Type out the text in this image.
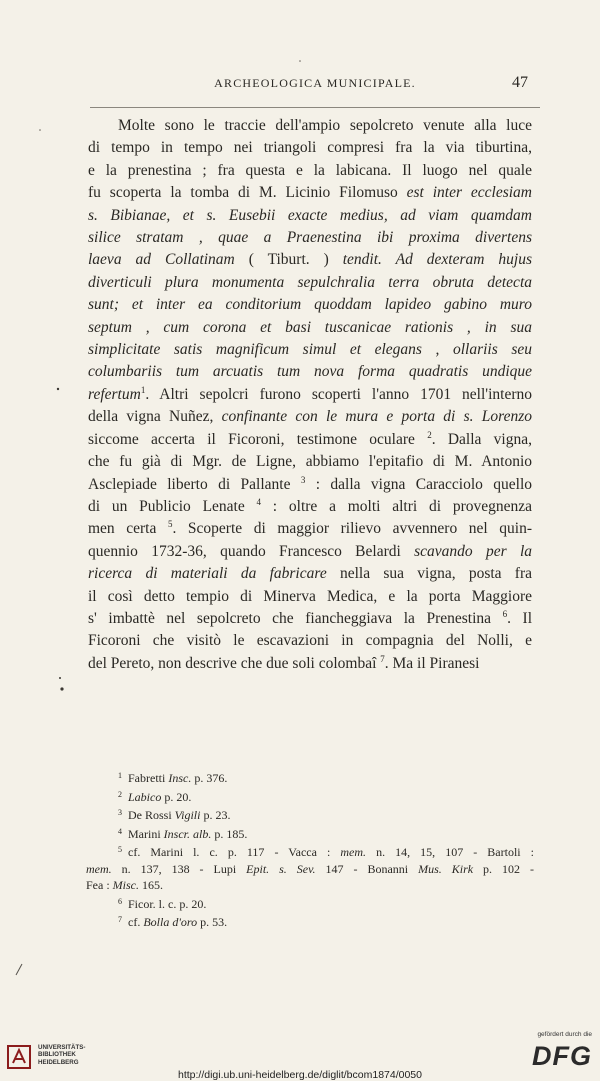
ARCHEOLOGICA MUNICIPALE.	47
Molte sono le traccie dell'ampio sepolcreto venute alla luce
di tempo in tempo nei triangoli compresi fra la via tiburtina,
e la prenestina ; fra questa e la labicana. Il luogo nel quale
fu scoperta la tomba di M. Licinio Filomuso est inter ecclesiam
s. Bibianae, et s. Eusebii exacte medius, ad viam quamdam
silice stratam , quae a Praenestina ibi proxima divertens
laeva ad Collatinam ( Tiburt. ) tendit. Ad dexteram hujus
diverticuli plura monumenta sepulchralia terra obruta detecta
sunt; et inter ea conditorium quoddam lapideo gabino muro
septum , cum corona et basi tuscanicae rationis , in sua
simplicitate satis magnificum simul et elegans , ollariis seu
columbariis tum arcuatis tum nova forma quadratis undique
refertum$^1$. Altri sepolcri furono scoperti l'anno 1701 nell'interno
della vigna Nuñez, confinante con le mura e porta di s. Lorenzo
siccome accerta il Ficoroni, testimone oculare $^2$. Dalla vigna,
che fu già di Mgr. de Ligne, abbiamo l'epitafio di M. Antonio
Asclepiade liberto di Pallante $^3$ : dalla vigna Caracciolo quello
di un Publicio Lenate $^4$ : oltre a molti altri di provegnenza
men certa $^5$. Scoperte di maggior rilievo avvennero nel quin-
quennio 1732-36, quando Francesco Belardi scavando per la
ricerca di materiali da fabricare nella sua vigna, posta fra
il così detto tempio di Minerva Medica, e la porta Maggiore
s' imbattè nel sepolcreto che fiancheggiava la Prenestina $^6$. Il
Ficoroni che visitò le escavazioni in compagnia del Nolli, e
del Pereto, non descrive che due soli colombaî $^7$. Ma il Piranesi
$^1$ Fabretti Insc. p. 376.
$^2$ Labico p. 20.
$^3$ De Rossi Vigili p. 23.
$^4$ Marini Inscr. alb. p. 185.
$^5$ cf. Marini l. c. p. 117 - Vacca : mem. n. 14, 15, 107 - Bartoli :
mem. n. 137, 138 - Lupi Epit. s. Sev. 147 - Bonanni Mus. Kirk p. 102 -
Fea : Misc. 165.
$^6$ Ficor. l. c. p. 20.
$^7$ cf. Bolla d'oro p. 53.
UNIVERSITÄTS-
BIBLIOTHEK
HEIDELBERG
http://digi.ub.uni-heidelberg.de/diglit/bcom1874/0050
gefördert durch die
DFG
